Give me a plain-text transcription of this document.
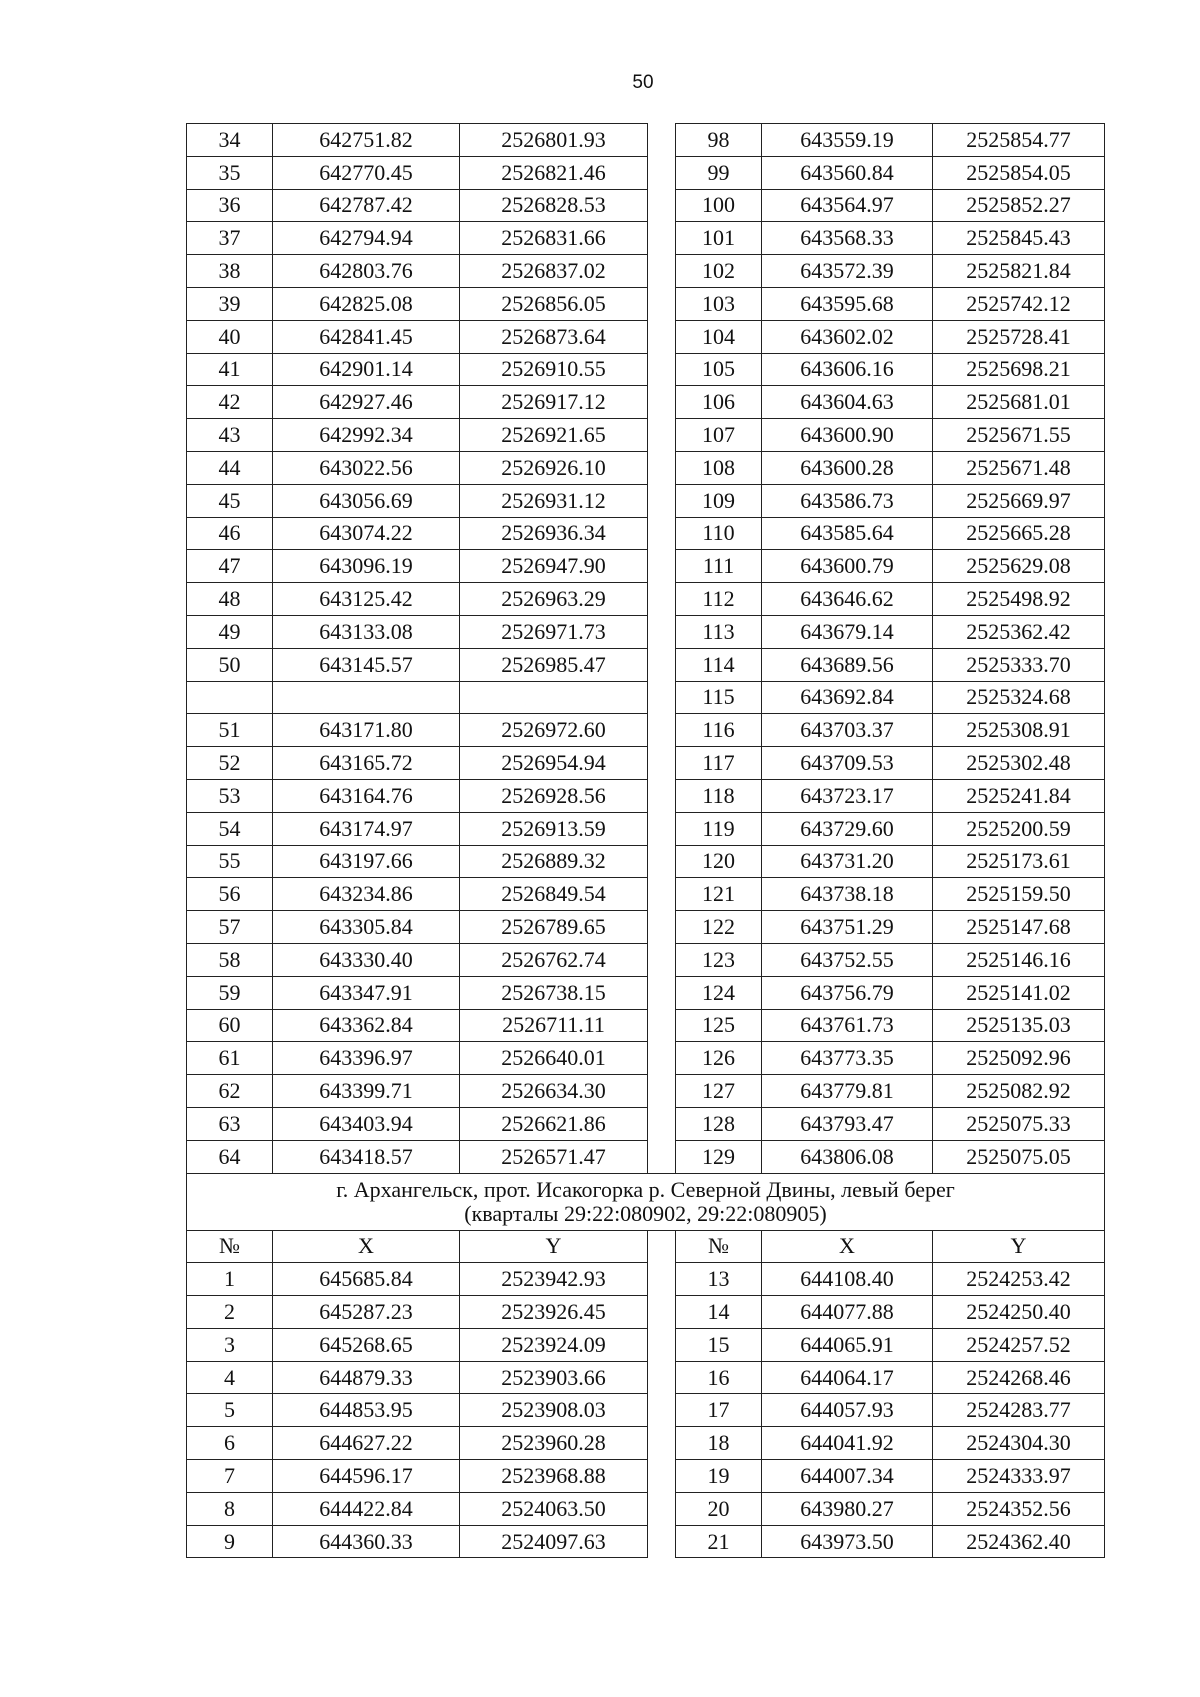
50
34	642751.82	2526801.93		98	643559.19	2525854.77
35	642770.45	2526821.46		99	643560.84	2525854.05
36	642787.42	2526828.53		100	643564.97	2525852.27
37	642794.94	2526831.66		101	643568.33	2525845.43
38	642803.76	2526837.02		102	643572.39	2525821.84
39	642825.08	2526856.05		103	643595.68	2525742.12
40	642841.45	2526873.64		104	643602.02	2525728.41
41	642901.14	2526910.55		105	643606.16	2525698.21
42	642927.46	2526917.12		106	643604.63	2525681.01
43	642992.34	2526921.65		107	643600.90	2525671.55
44	643022.56	2526926.10		108	643600.28	2525671.48
45	643056.69	2526931.12		109	643586.73	2525669.97
46	643074.22	2526936.34		110	643585.64	2525665.28
47	643096.19	2526947.90		111	643600.79	2525629.08
48	643125.42	2526963.29		112	643646.62	2525498.92
49	643133.08	2526971.73		113	643679.14	2525362.42
50	643145.57	2526985.47		114	643689.56	2525333.70
				115	643692.84	2525324.68
51	643171.80	2526972.60		116	643703.37	2525308.91
52	643165.72	2526954.94		117	643709.53	2525302.48
53	643164.76	2526928.56		118	643723.17	2525241.84
54	643174.97	2526913.59		119	643729.60	2525200.59
55	643197.66	2526889.32		120	643731.20	2525173.61
56	643234.86	2526849.54		121	643738.18	2525159.50
57	643305.84	2526789.65		122	643751.29	2525147.68
58	643330.40	2526762.74		123	643752.55	2525146.16
59	643347.91	2526738.15		124	643756.79	2525141.02
60	643362.84	2526711.11		125	643761.73	2525135.03
61	643396.97	2526640.01		126	643773.35	2525092.96
62	643399.71	2526634.30		127	643779.81	2525082.92
63	643403.94	2526621.86		128	643793.47	2525075.33
64	643418.57	2526571.47		129	643806.08	2525075.05
г. Архангельск, прот. Исакогорка р. Северной Двины, левый берег
(кварталы 29:22:080902, 29:22:080905)						
№	X	Y		№	X	Y
1	645685.84	2523942.93		13	644108.40	2524253.42
2	645287.23	2523926.45		14	644077.88	2524250.40
3	645268.65	2523924.09		15	644065.91	2524257.52
4	644879.33	2523903.66		16	644064.17	2524268.46
5	644853.95	2523908.03		17	644057.93	2524283.77
6	644627.22	2523960.28		18	644041.92	2524304.30
7	644596.17	2523968.88		19	644007.34	2524333.97
8	644422.84	2524063.50		20	643980.27	2524352.56
9	644360.33	2524097.63		21	643973.50	2524362.40
